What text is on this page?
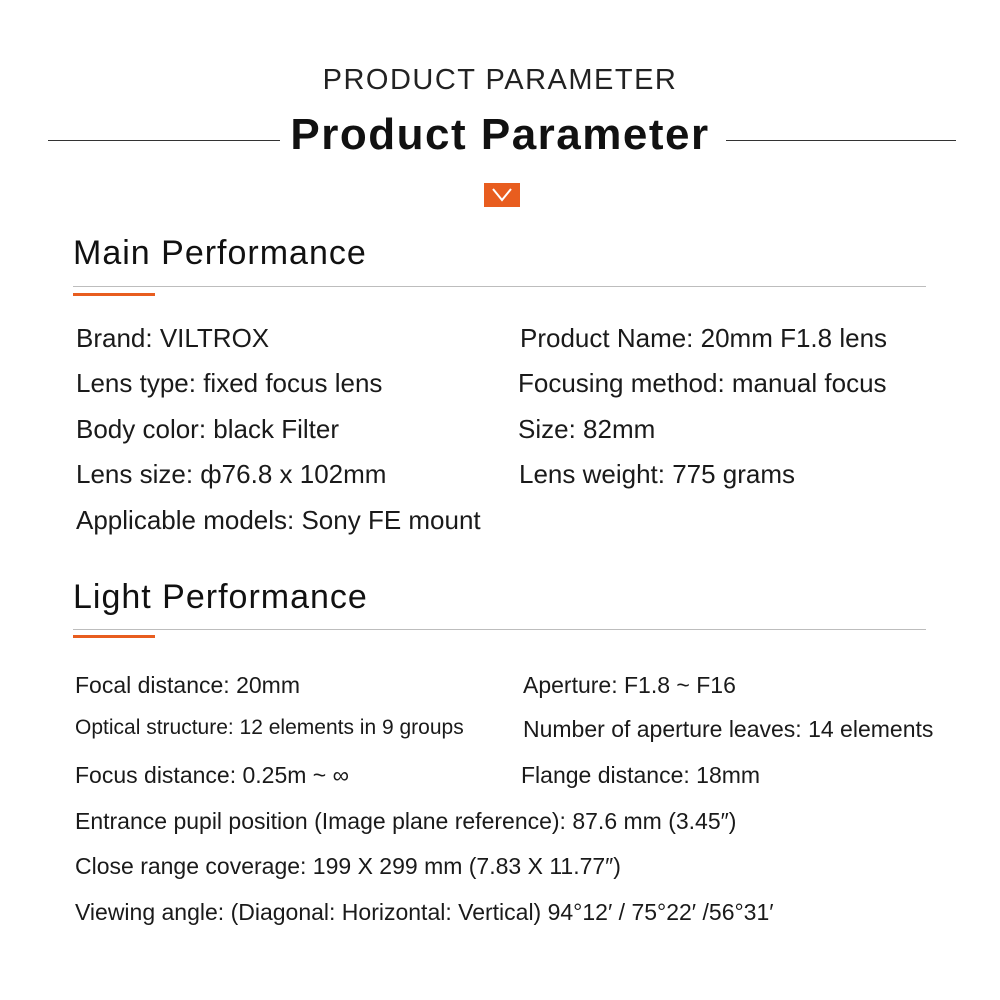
PRODUCT PARAMETER
Product Parameter
Main Performance
Brand: VILTROX	Product Name: 20mm F1.8 lens
Lens type: fixed focus lens	Focusing method: manual focus
Body color: black Filter	Size: 82mm
Lens size: ф76.8 x 102mm	Lens weight: 775 grams
Applicable models: Sony FE mount
Light Performance
Focal distance: 20mm	Aperture: F1.8 ~ F16
Optical structure: 12 elements in 9 groups	Number of aperture leaves: 14 elements
Focus distance: 0.25m ~ ∞	Flange distance: 18mm
Entrance pupil position (Image plane reference): 87.6 mm (3.45″)
Close range coverage: 199 X 299 mm (7.83 X 11.77″)
Viewing angle: (Diagonal: Horizontal: Vertical) 94°12′ / 75°22′ /56°31′
